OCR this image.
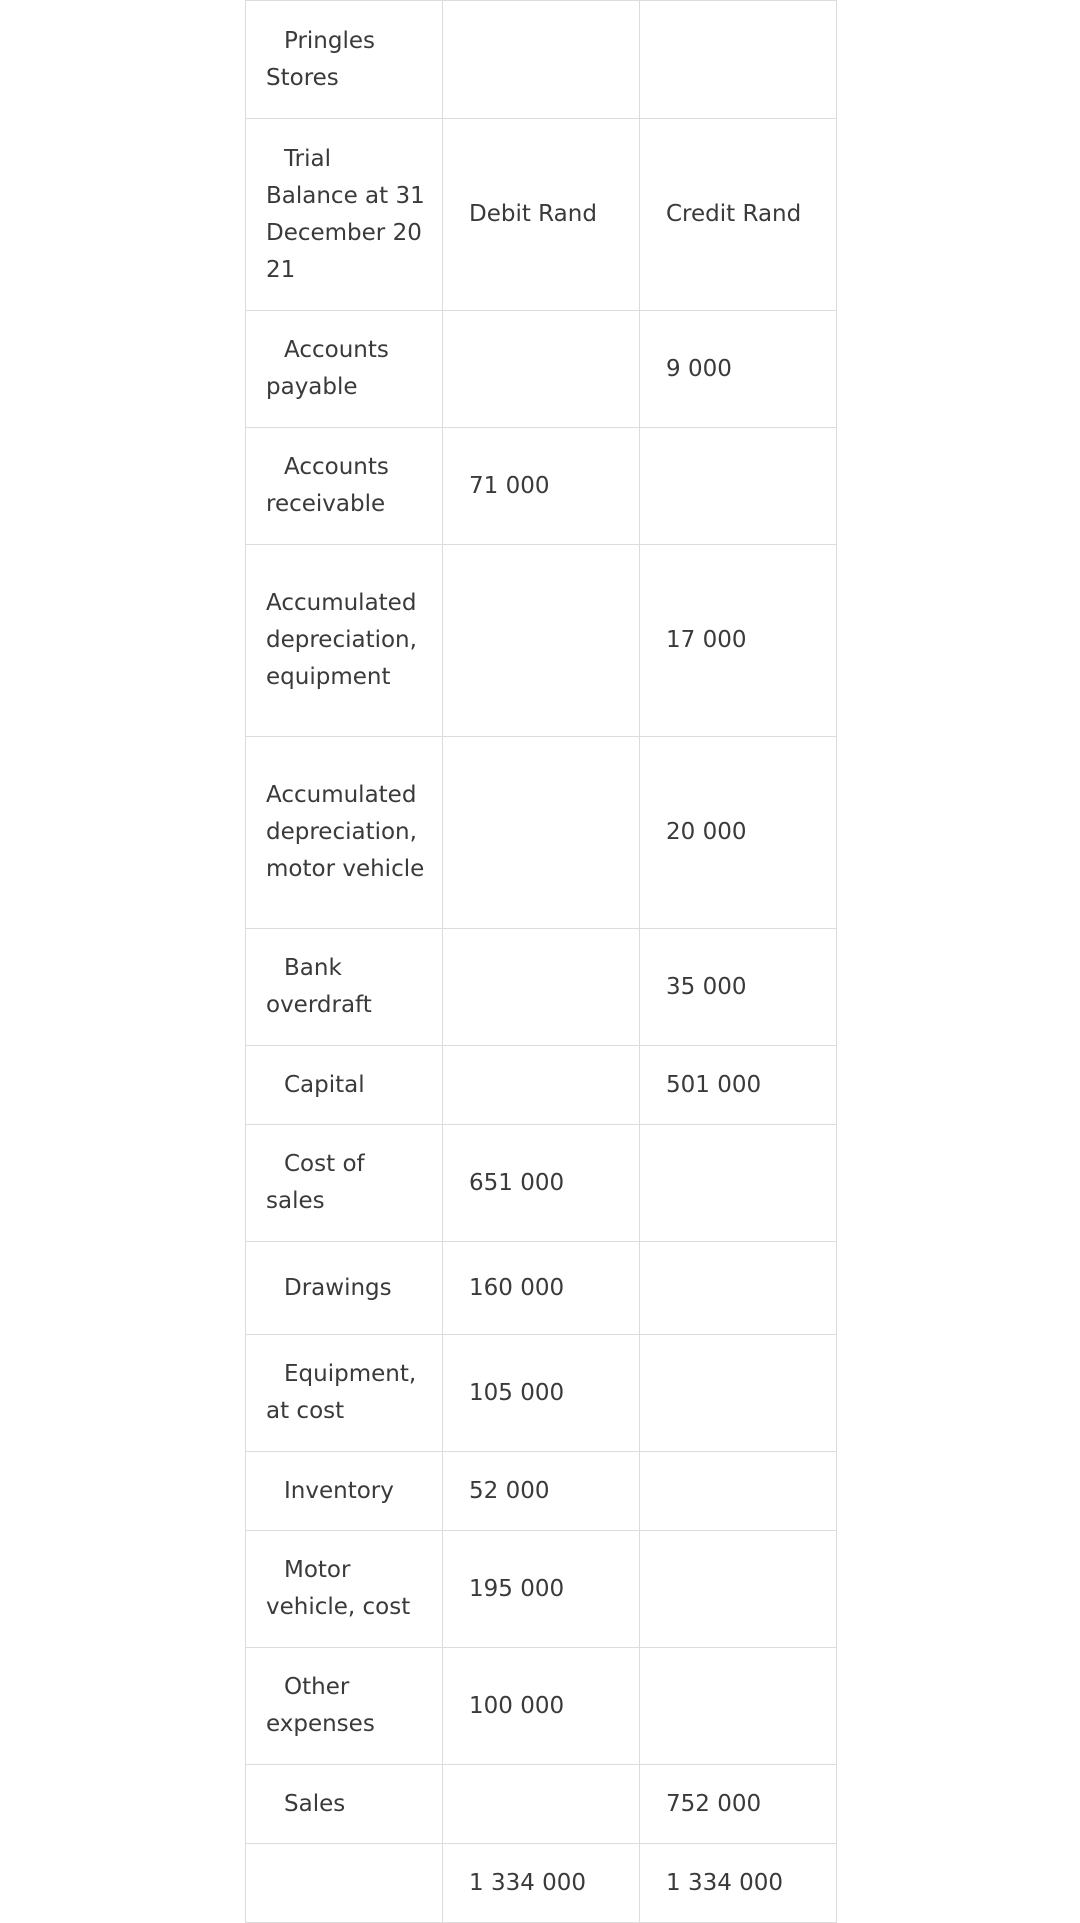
Pringles Stores		
Trial Balance at 31 December 20 21	Debit Rand	Credit Rand
Accounts payable		9 000
Accounts receivable	71 000	
Accumulated depreciation, equipment		17 000
Accumulated depreciation, motor vehicle		20 000
Bank overdraft		35 000
Capital		501 000
Cost of sales	651 000	
Drawings	160 000	
Equipment, at cost	105 000	
Inventory	52 000	
Motor vehicle, cost	195 000	
Other expenses	100 000	
Sales		752 000
	1 334 000	1 334 000
